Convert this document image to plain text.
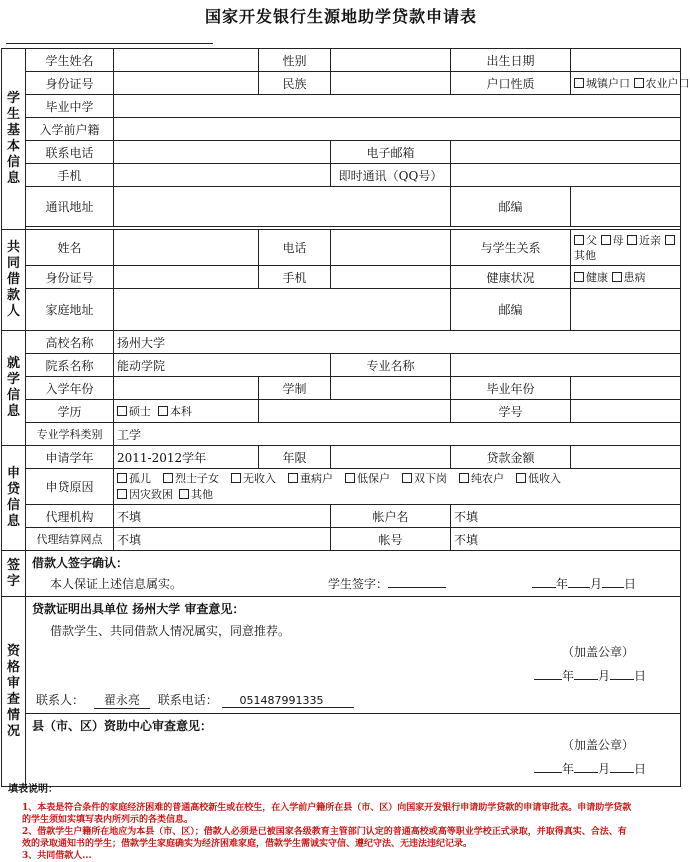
国家开发银行生源地助学贷款申请表
学生基本信息	学生姓名		性别		出生日期	
	身份证号		民族		户口性质	城镇户口 农业户口
	毕业中学					
	入学前户籍					
	联系电话			电子邮箱		
	手机			即时通讯（QQ号）		
	通讯地址				邮编	

共同借款人	姓名		电话		与学生关系	父 母 近亲 其他
	身份证号		手机		健康状况	健康 患病
	家庭地址				邮编	
就学信息	高校名称	扬州大学				
	院系名称	能动学院		专业名称		
	入学年份		学制		毕业年份	
	学历	硕士 本科			学号	
	专业学科类别	工学				
申贷信息	申请学年	2011-2012学年	年限		贷款金额	
	申贷原因	孤儿 烈士子女 无收入 重病户 低保户 双下岗 纯农户 低收入
因灾致困 其他				

	代理机构	不填		帐户名	不填	
	代理结算网点	不填		帐号	不填	
签字	借款人签字确认：
本人保证上述信息属实。 学生签字： 年 月 日					

资格审查情况	贷款证明出具单位 扬州大学 审查意见：
借款学生、共同借款人情况属实，同意推荐。
（加盖公章）
年 月 日
联系人： 翟永亮 联系电话： 051487991335					

	县（市、区）资助中心审查意见：
（加盖公章）
年 月 日					
填表说明：
1、本表是符合条件的家庭经济困难的普通高校新生或在校生，在入学前户籍所在县（市、区）向国家开发银行申请助学贷款的申请审批表。申请助学贷款
的学生须如实填写表内所列示的各类信息。
2、借款学生户籍所在地应为本县（市、区）；借款人必须是已被国家各级教育主管部门认定的普通高校或高等职业学校正式录取，并取得真实、合法、有
效的录取通知书的学生；借款学生家庭确实为经济困难家庭，借款学生需诚实守信、遵纪守法、无违法违纪记录。
3、共同借款人...
